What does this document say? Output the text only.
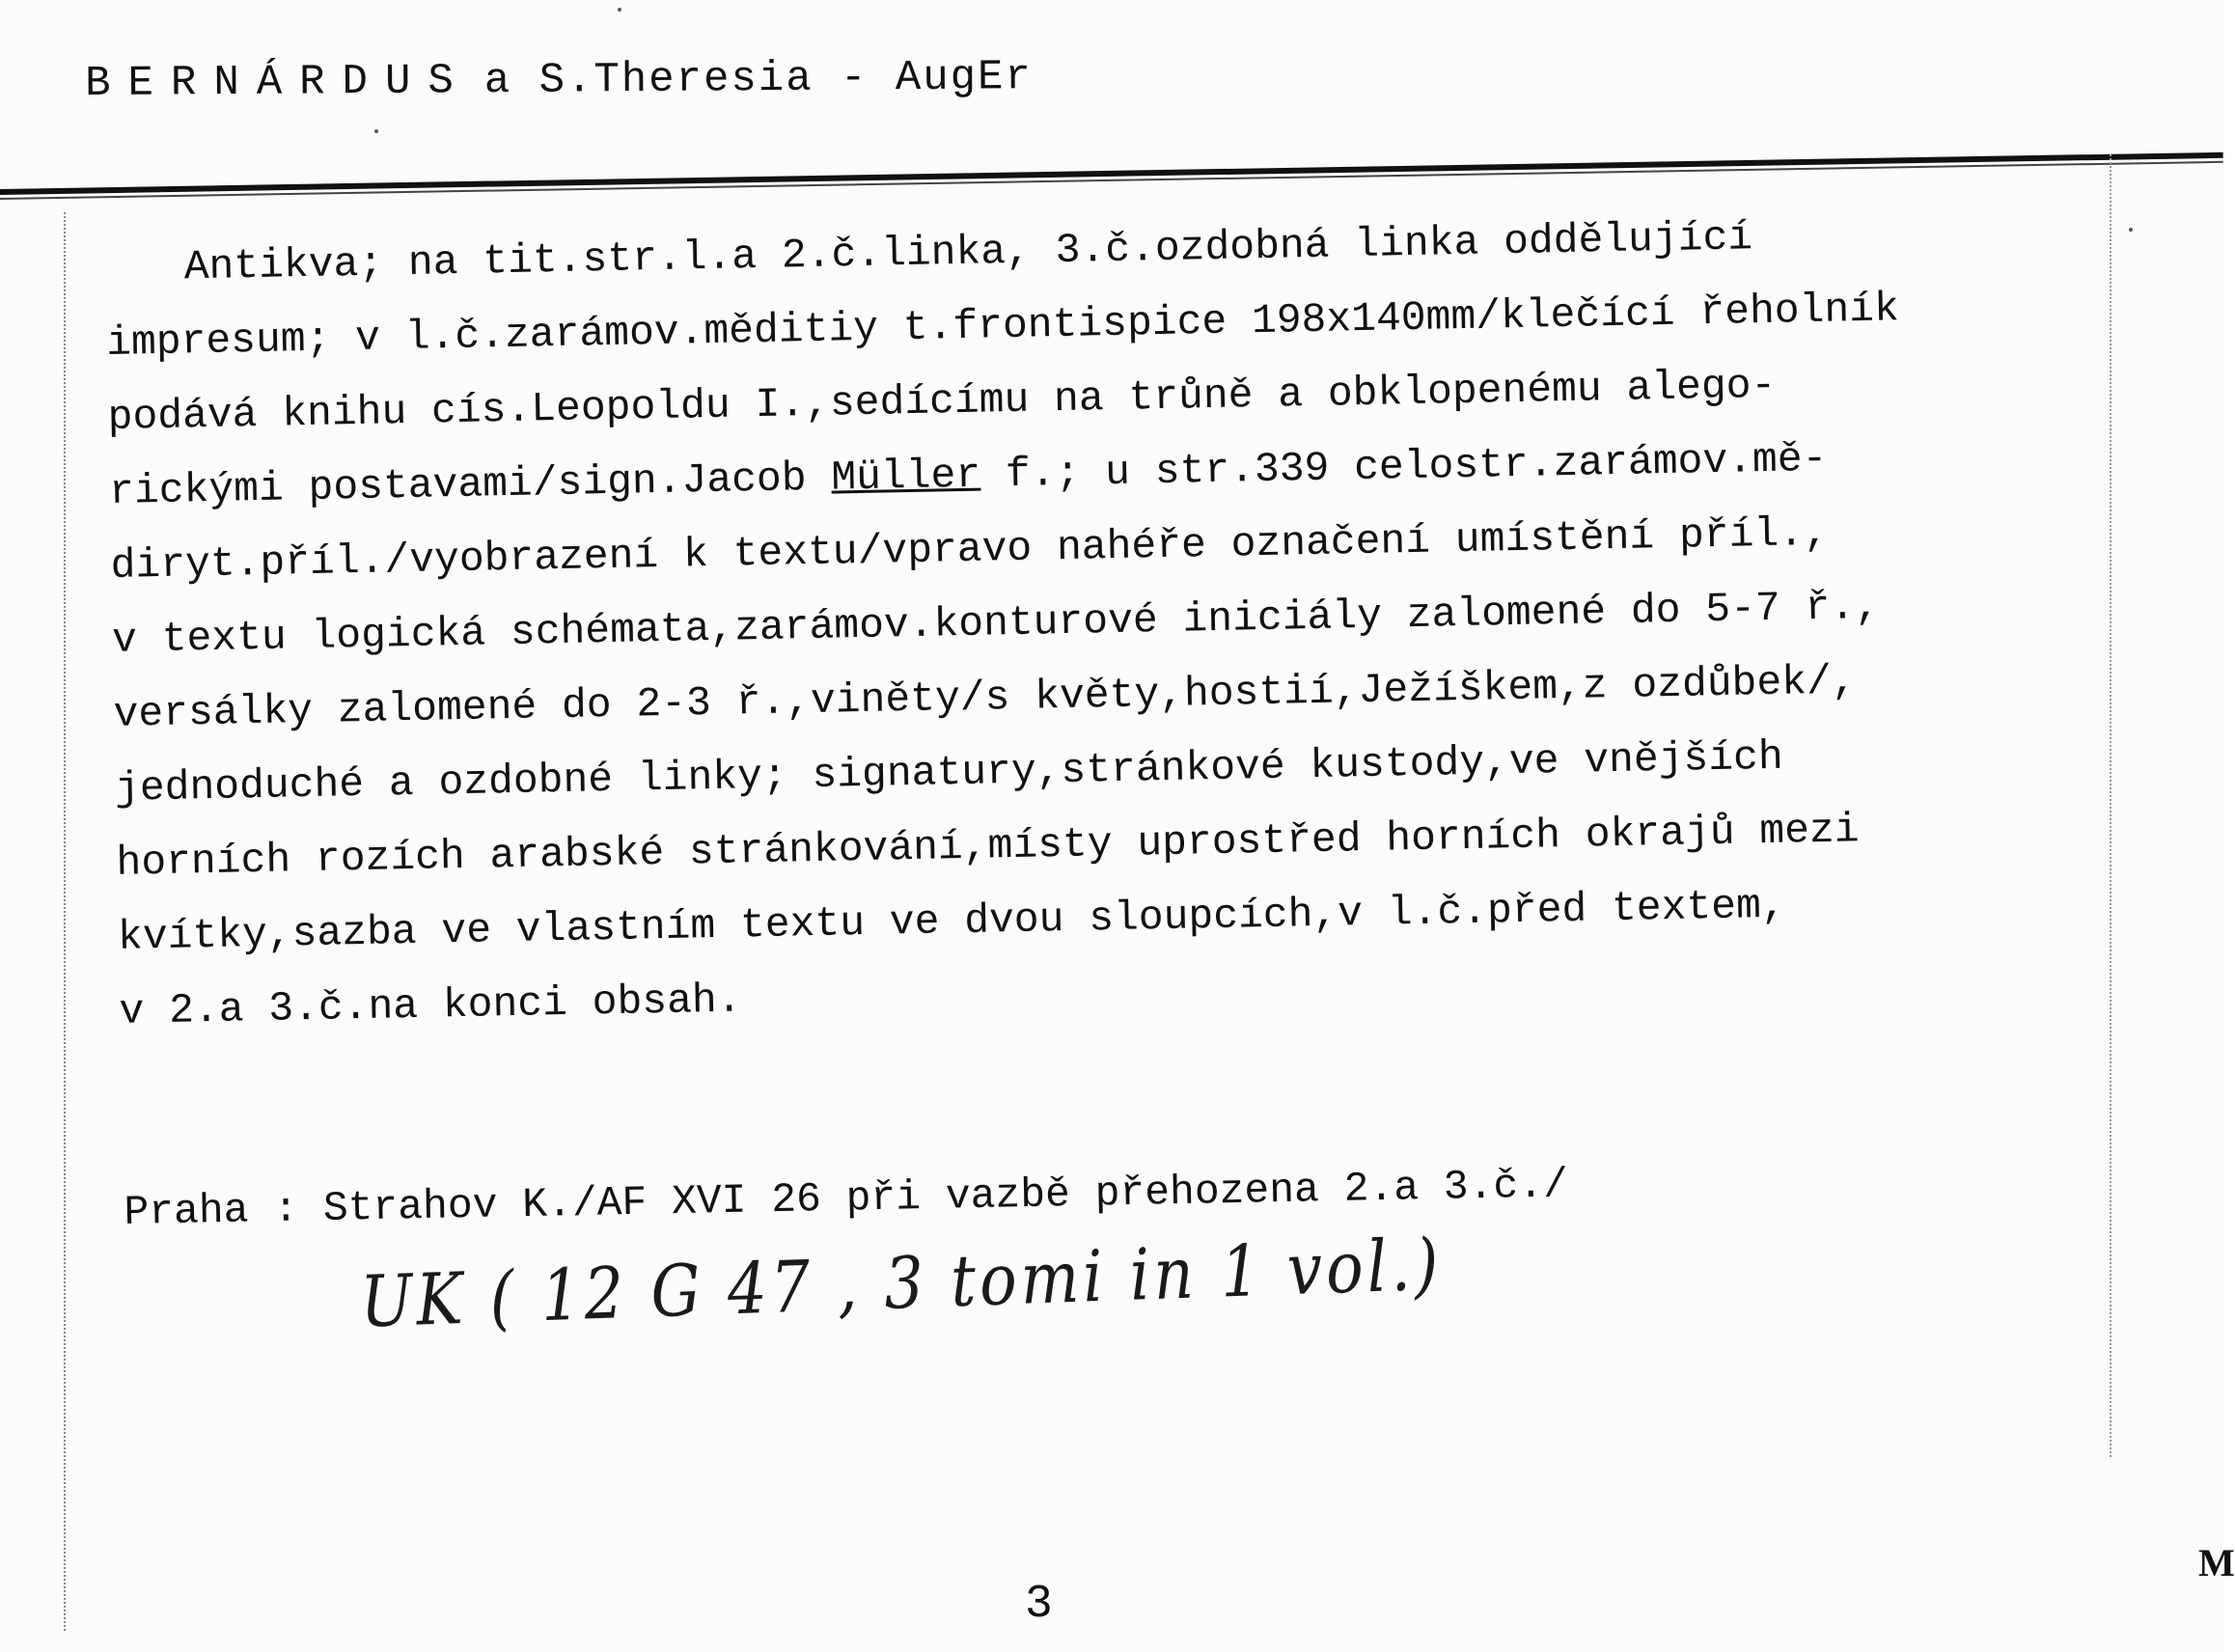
BERNÁRDUS a S.Theresia - AugEr
Antikva; na tit.str.l.a 2.č.linka, 3.č.ozdobná linka oddělující
impresum; v l.č.zarámov.měditiy t.frontispice 198x140mm/klečící řeholník
podává knihu cís.Leopoldu I.,sedícímu na trůně a obklopenému alego-
rickými postavami/sign.Jacob Müller f.; u str.339 celostr.zarámov.mě-
diryt.příl./vyobrazení k textu/vpravo nahéře označení umístění příl.,
v textu logická schémata,zarámov.konturové iniciály zalomené do 5-7 ř.,
versálky zalomené do 2-3 ř.,viněty/s květy,hostií,Ježíškem,z ozdůbek/,
jednoduché a ozdobné linky; signatury,stránkové kustody,ve vnějších
horních rozích arabské stránkování,místy uprostřed horních okrajů mezi
kvítky,sazba ve vlastním textu ve dvou sloupcích,v l.č.před textem,
v 2.a 3.č.na konci obsah.
Praha : Strahov K./AF XVI 26 při vazbě přehozena 2.a 3.č./
UK ( 12 G 47 , 3 tomi in 1 vol.)
3
M
